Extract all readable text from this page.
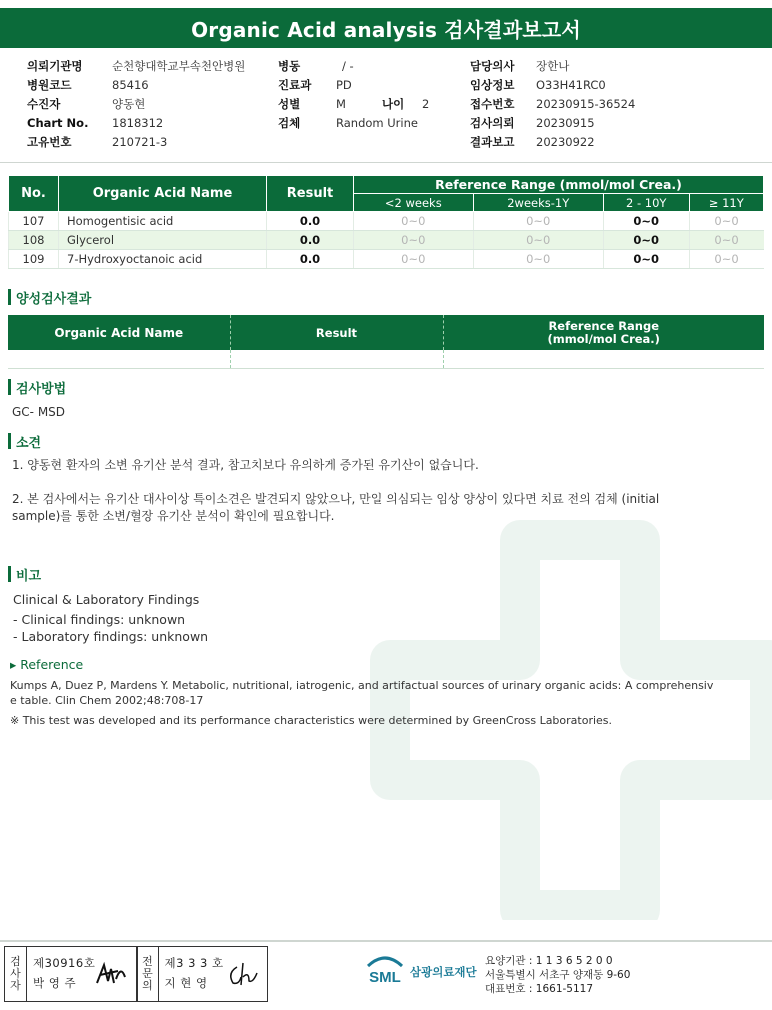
Organic Acid analysis 검사결과보고서
의뢰기관명	순천향대학교부속천안병원
병원코드	85416
수진자	양동현
Chart No.	1818312
고유번호	210721-3
병동	/ -
진료과	PD
성별	M	나이	2
검체	Random Urine
담당의사	장한나
임상정보	O33H41RC0
접수번호	20230915-36524
검사의뢰	20230915
결과보고	20230922
No.	Organic Acid Name	Result	Reference Range (mmol/mol Crea.)			
			<2 weeks	2weeks-1Y	2 - 10Y	≥ 11Y
107	Homogentisic acid	0.0	0~0	0~0	0~0	0~0
108	Glycerol	0.0	0~0	0~0	0~0	0~0
109	7-Hydroxyoctanoic acid	0.0	0~0	0~0	0~0	0~0
양성검사결과
Organic Acid Name	Result	Reference Range
(mmol/mol Crea.)

검사방법
GC- MSD
소견
1. 양동현 환자의 소변 유기산 분석 결과, 참고치보다 유의하게 증가된 유기산이 없습니다.
2. 본 검사에서는 유기산 대사이상 특이소견은 발견되지 않았으나, 만일 의심되는 임상 양상이 있다면 치료 전의 검체 (initial
sample)를 통한 소변/혈장 유기산 분석이 확인에 필요합니다.
비고
Clinical & Laboratory Findings
- Clinical findings: unknown
- Laboratory findings: unknown
▸ Reference
Kumps A, Duez P, Mardens Y. Metabolic, nutritional, iatrogenic, and artifactual sources of urinary organic acids: A comprehensiv
e table. Clin Chem 2002;48:708-17
※ This test was developed and its performance characteristics were determined by GreenCross Laboratories.
검
사
자
제30916호
박 영 주
전
문
의
제3 3 3 호
지 현 영	SML 삼광의료재단
요양기관 : 1 1 3 6 5 2 0 0
서울특별시 서초구 양재동 9-60
대표번호 : 1661-5117
